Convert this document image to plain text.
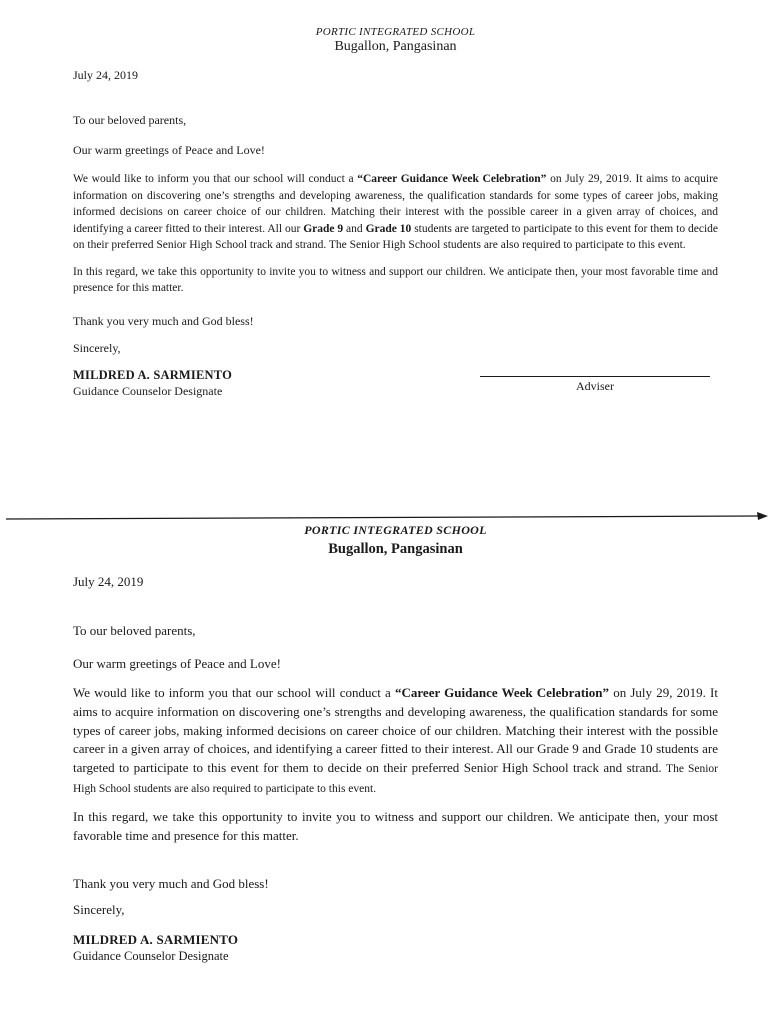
PORTIC INTEGRATED SCHOOL
Bugallon, Pangasinan
July 24, 2019
To our beloved parents,
Our warm greetings of Peace and Love!
We would like to inform you that our school will conduct a “Career Guidance Week Celebration” on July 29, 2019. It aims to acquire information on discovering one’s strengths and developing awareness, the qualification standards for some types of career jobs, making informed decisions on career choice of our children. Matching their interest with the possible career in a given array of choices, and identifying a career fitted to their interest. All our Grade 9 and Grade 10 students are targeted to participate to this event for them to decide on their preferred Senior High School track and strand. The Senior High School students are also required to participate to this event.
In this regard, we take this opportunity to invite you to witness and support our children. We anticipate then, your most favorable time and presence for this matter.
Thank you very much and God bless!
Sincerely,
MILDRED A. SARMIENTO
Guidance Counselor Designate	Adviser
PORTIC INTEGRATED SCHOOL
Bugallon, Pangasinan
July 24, 2019
To our beloved parents,
Our warm greetings of Peace and Love!
We would like to inform you that our school will conduct a “Career Guidance Week Celebration” on July 29, 2019. It aims to acquire information on discovering one’s strengths and developing awareness, the qualification standards for some types of career jobs, making informed decisions on career choice of our children. Matching their interest with the possible career in a given array of choices, and identifying a career fitted to their interest. All our Grade 9 and Grade 10 students are targeted to participate to this event for them to decide on their preferred Senior High School track and strand. The Senior High School students are also required to participate to this event.
In this regard, we take this opportunity to invite you to witness and support our children. We anticipate then, your most favorable time and presence for this matter.
Thank you very much and God bless!
Sincerely,
MILDRED A. SARMIENTO
Guidance Counselor Designate
